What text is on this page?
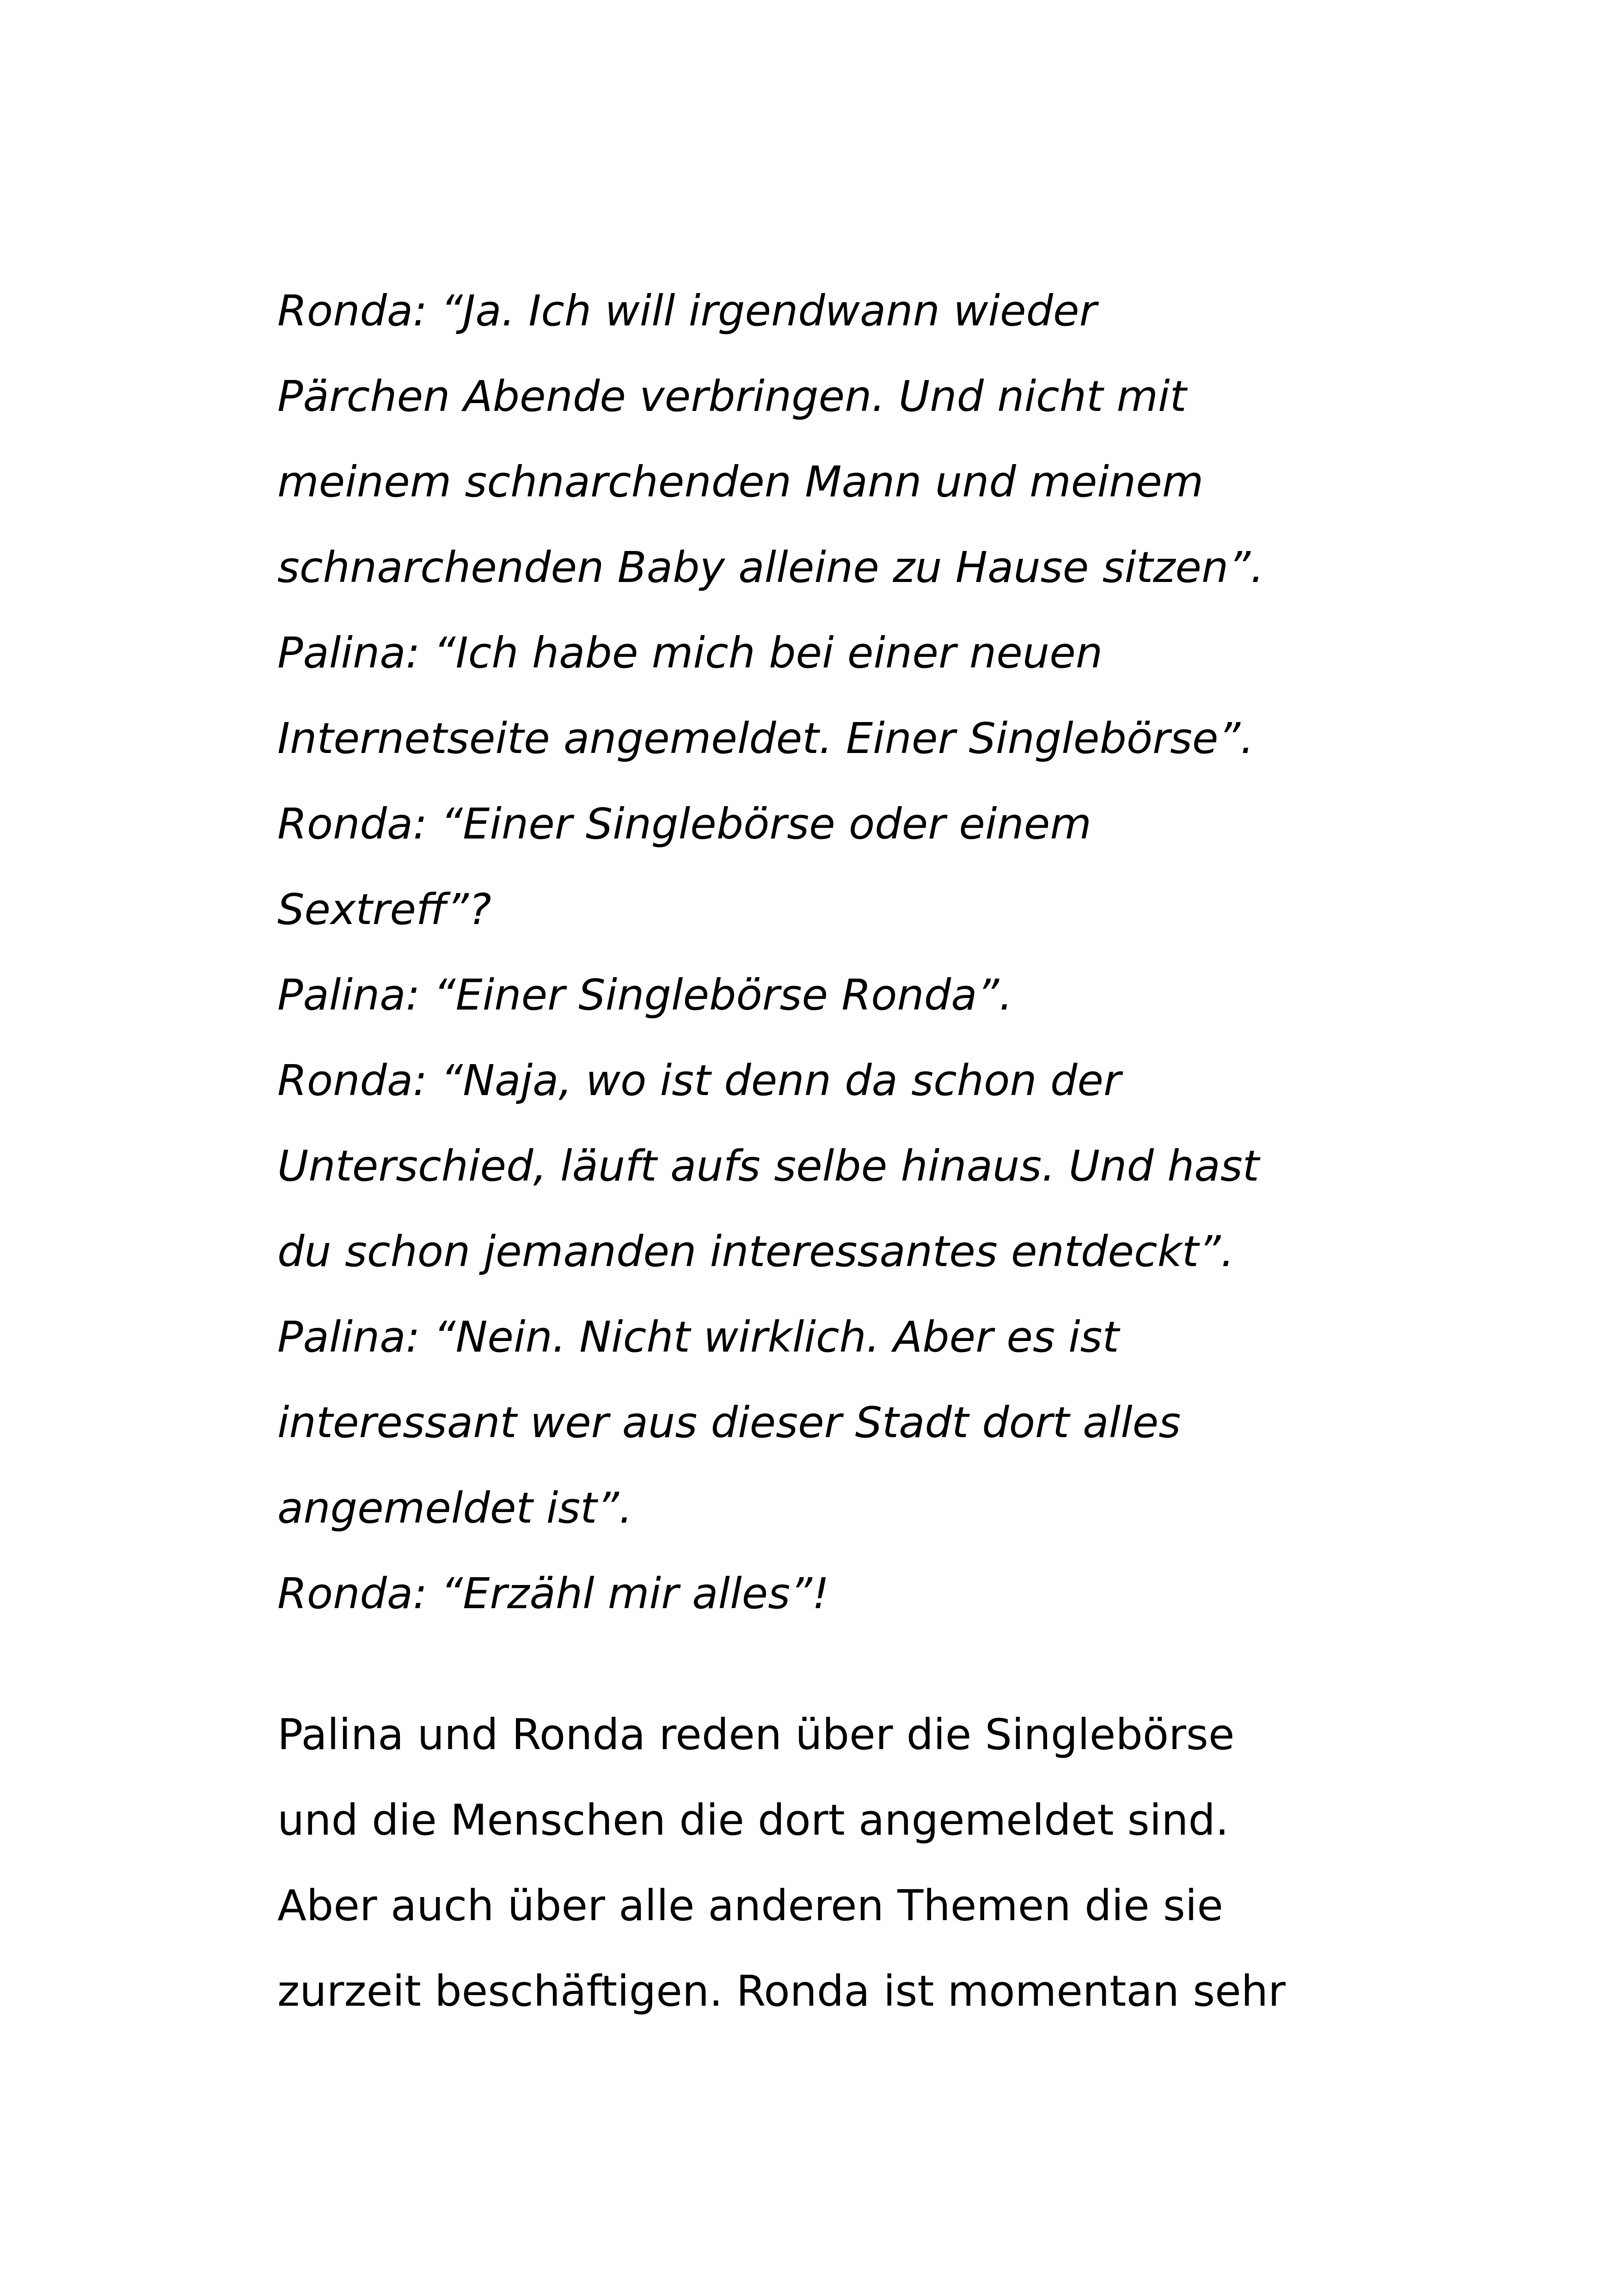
Ronda: “Ja. Ich will irgendwann wieder
Pärchen Abende verbringen. Und nicht mit
meinem schnarchenden Mann und meinem
schnarchenden Baby alleine zu Hause sitzen”.
Palina: “Ich habe mich bei einer neuen
Internetseite angemeldet. Einer Singlebörse”.
Ronda: “Einer Singlebörse oder einem
Sextreff”?
Palina: “Einer Singlebörse Ronda”.
Ronda: “Naja, wo ist denn da schon der
Unterschied, läuft aufs selbe hinaus. Und hast
du schon jemanden interessantes entdeckt”.
Palina: “Nein. Nicht wirklich. Aber es ist
interessant wer aus dieser Stadt dort alles
angemeldet ist”.
Ronda: “Erzähl mir alles”!
Palina und Ronda reden über die Singlebörse
und die Menschen die dort angemeldet sind.
Aber auch über alle anderen Themen die sie
zurzeit beschäftigen. Ronda ist momentan sehr
